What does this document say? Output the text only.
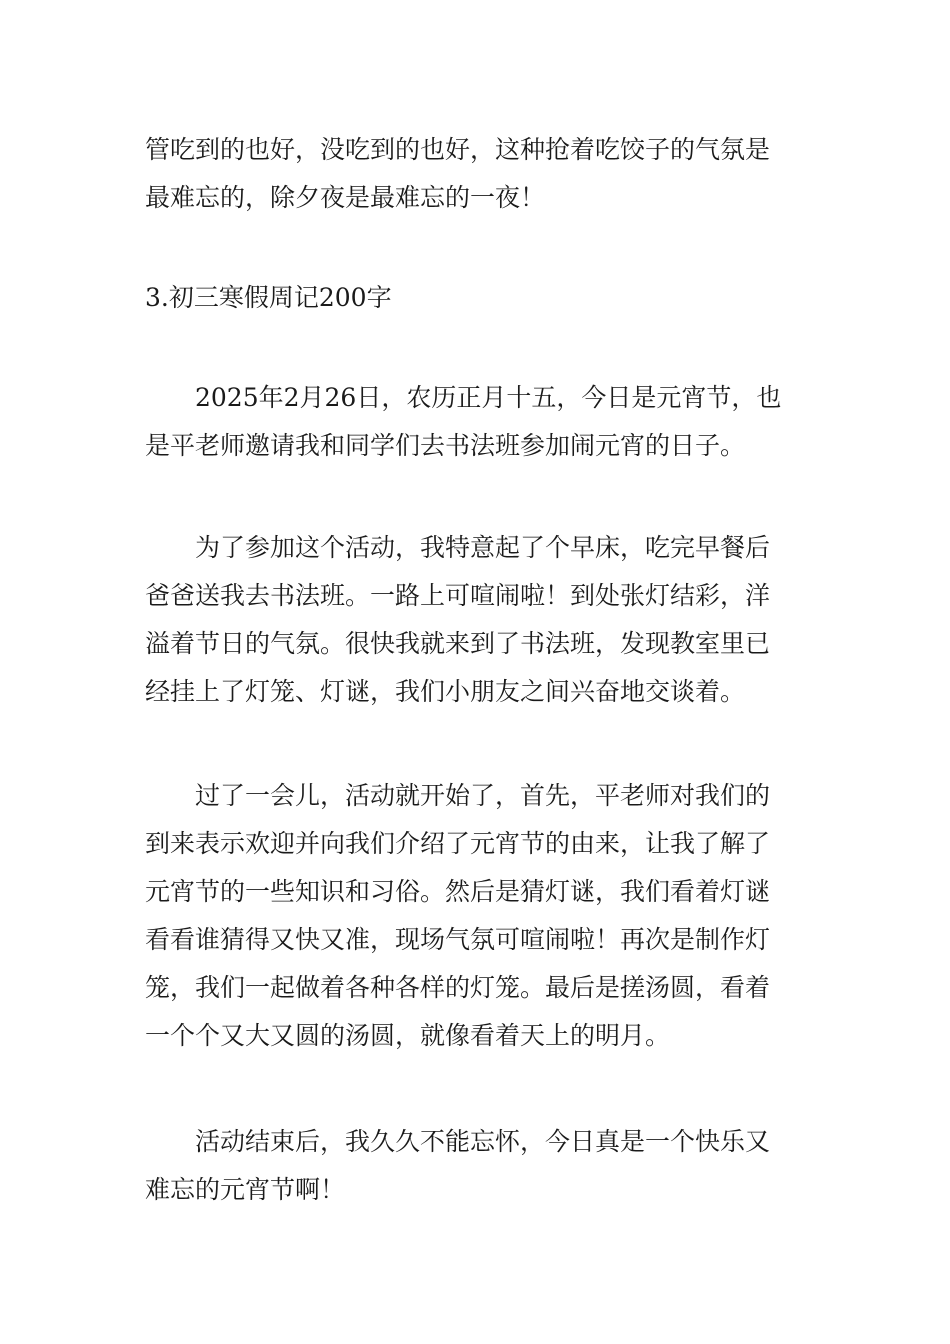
管吃到的也好，没吃到的也好，这种抢着吃饺子的气氛是
最难忘的，除夕夜是最难忘的一夜！
3.初三寒假周记200字
2025年2月26日，农历正月十五，今日是元宵节，也
是平老师邀请我和同学们去书法班参加闹元宵的日子。
为了参加这个活动，我特意起了个早床，吃完早餐后
爸爸送我去书法班。一路上可喧闹啦！到处张灯结彩，洋
溢着节日的气氛。很快我就来到了书法班，发现教室里已
经挂上了灯笼、灯谜，我们小朋友之间兴奋地交谈着。
过了一会儿，活动就开始了，首先，平老师对我们的
到来表示欢迎并向我们介绍了元宵节的由来，让我了解了
元宵节的一些知识和习俗。然后是猜灯谜，我们看着灯谜
看看谁猜得又快又准，现场气氛可喧闹啦！再次是制作灯
笼，我们一起做着各种各样的灯笼。最后是搓汤圆，看着
一个个又大又圆的汤圆，就像看着天上的明月。
活动结束后，我久久不能忘怀，今日真是一个快乐又
难忘的元宵节啊！
